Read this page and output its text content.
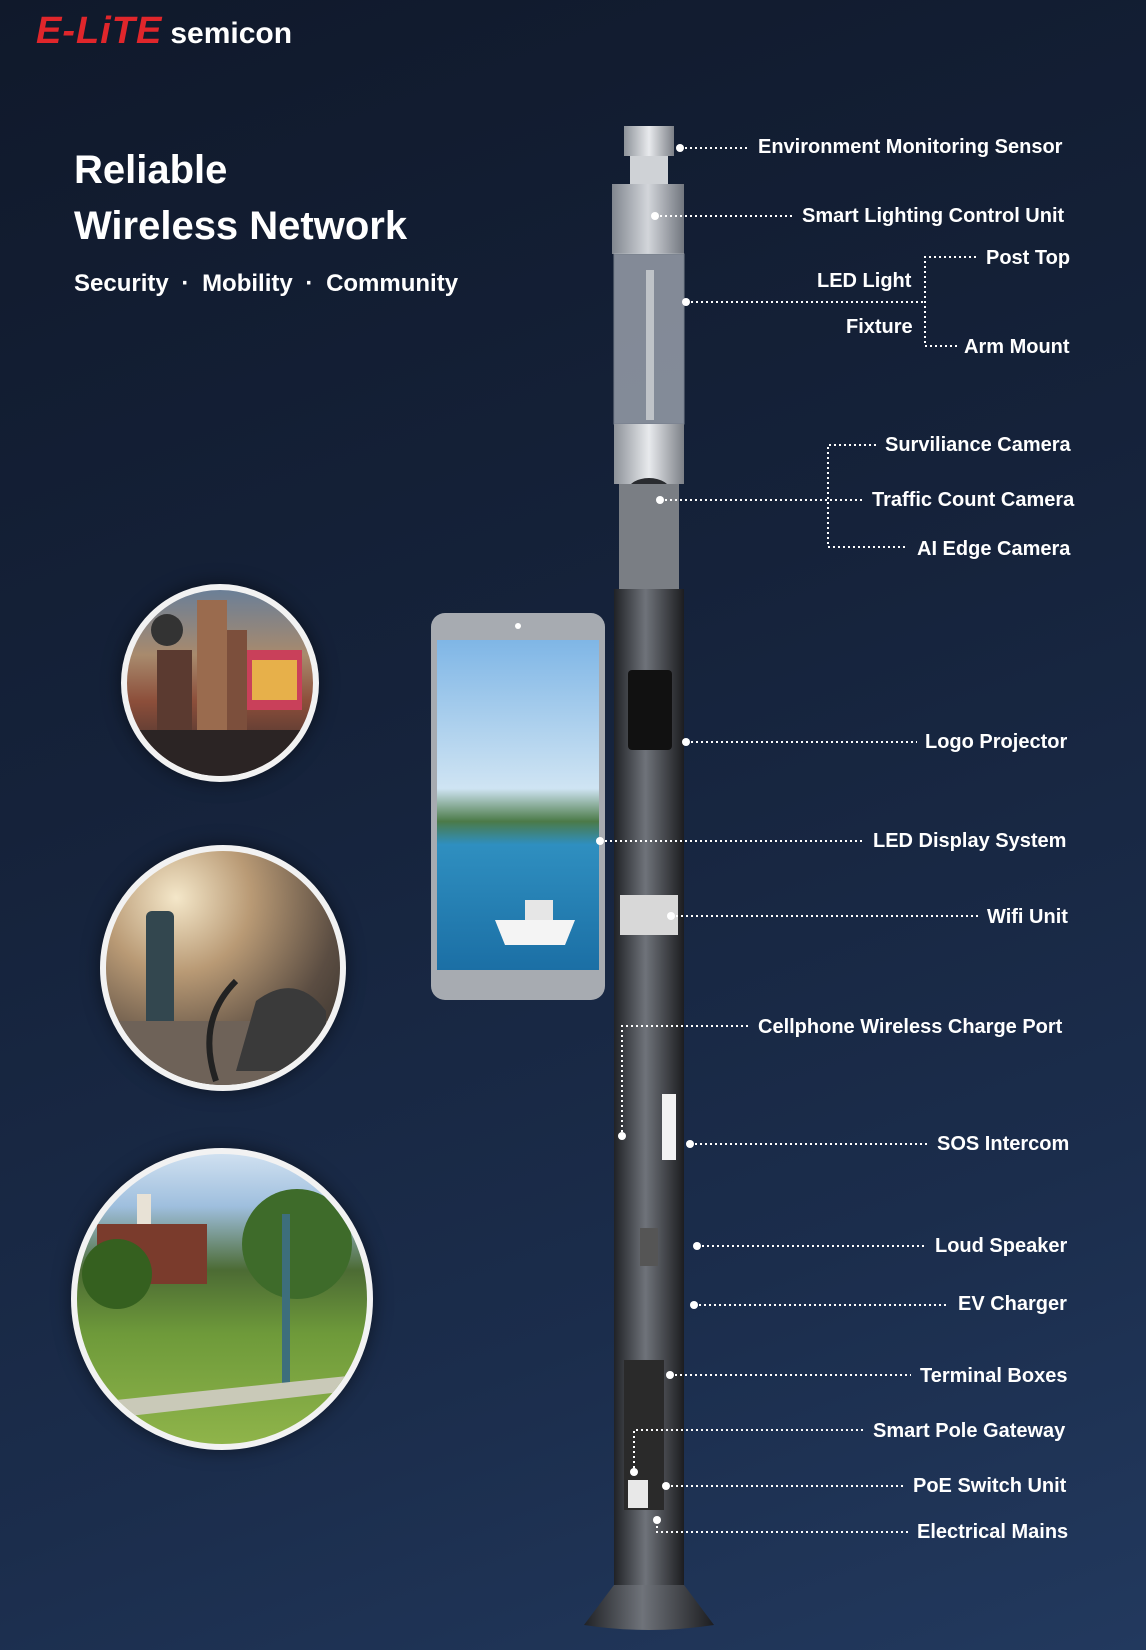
E-LiTE semicon
Reliable
Wireless Network
Security · Mobility · Community
Environment Monitoring Sensor
Smart Lighting Control Unit
LED Light
Fixture
Post Top
Arm Mount
Surviliance Camera
Traffic Count Camera
AI Edge Camera
Logo Projector
LED Display System
Wifi Unit
Cellphone Wireless Charge Port
SOS Intercom
Loud Speaker
EV Charger
Terminal Boxes
Smart Pole Gateway
PoE Switch Unit
Electrical Mains
